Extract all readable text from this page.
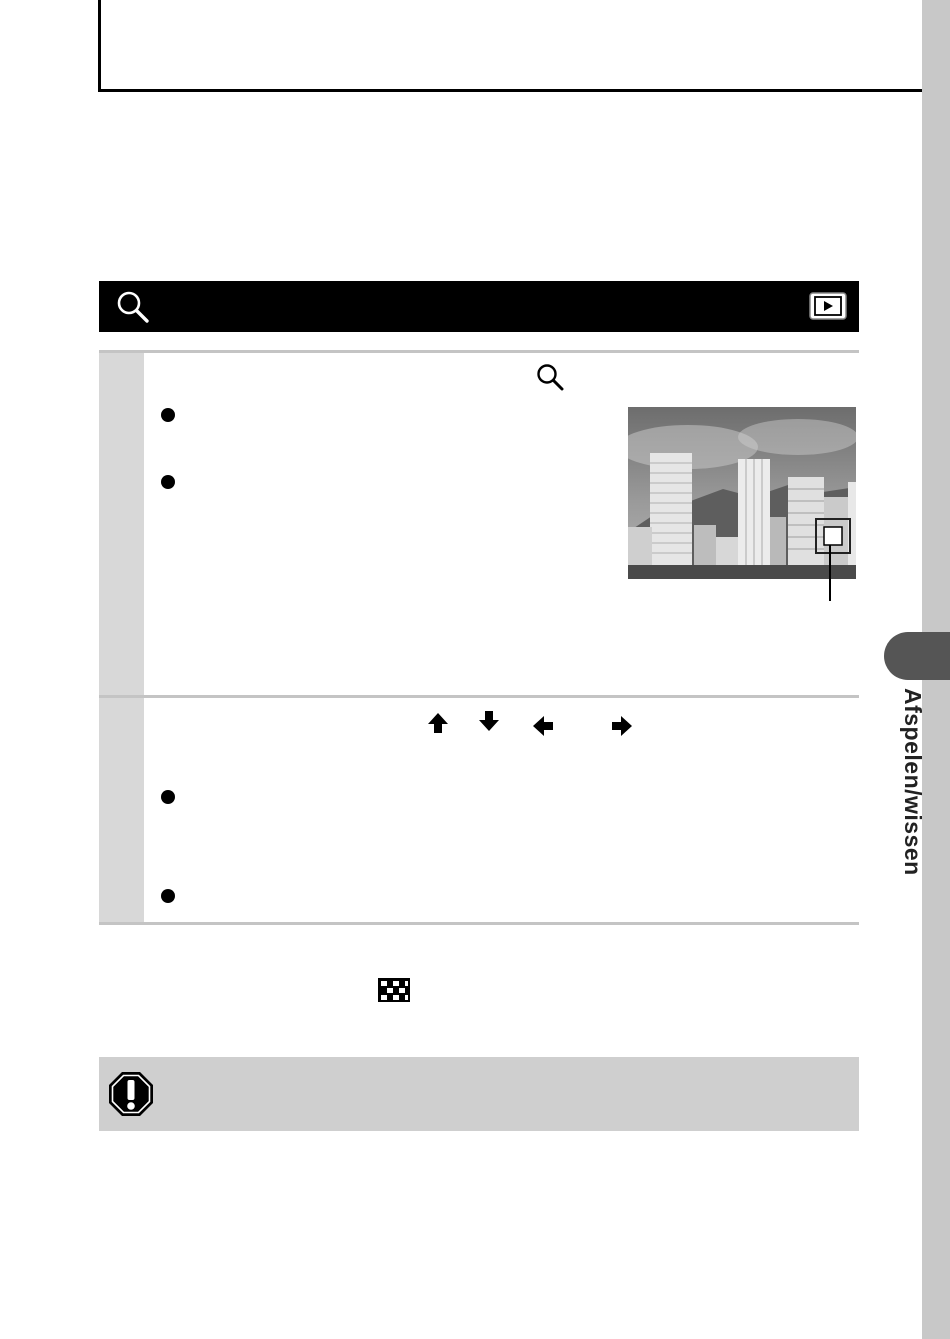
Afspelen/wissen
